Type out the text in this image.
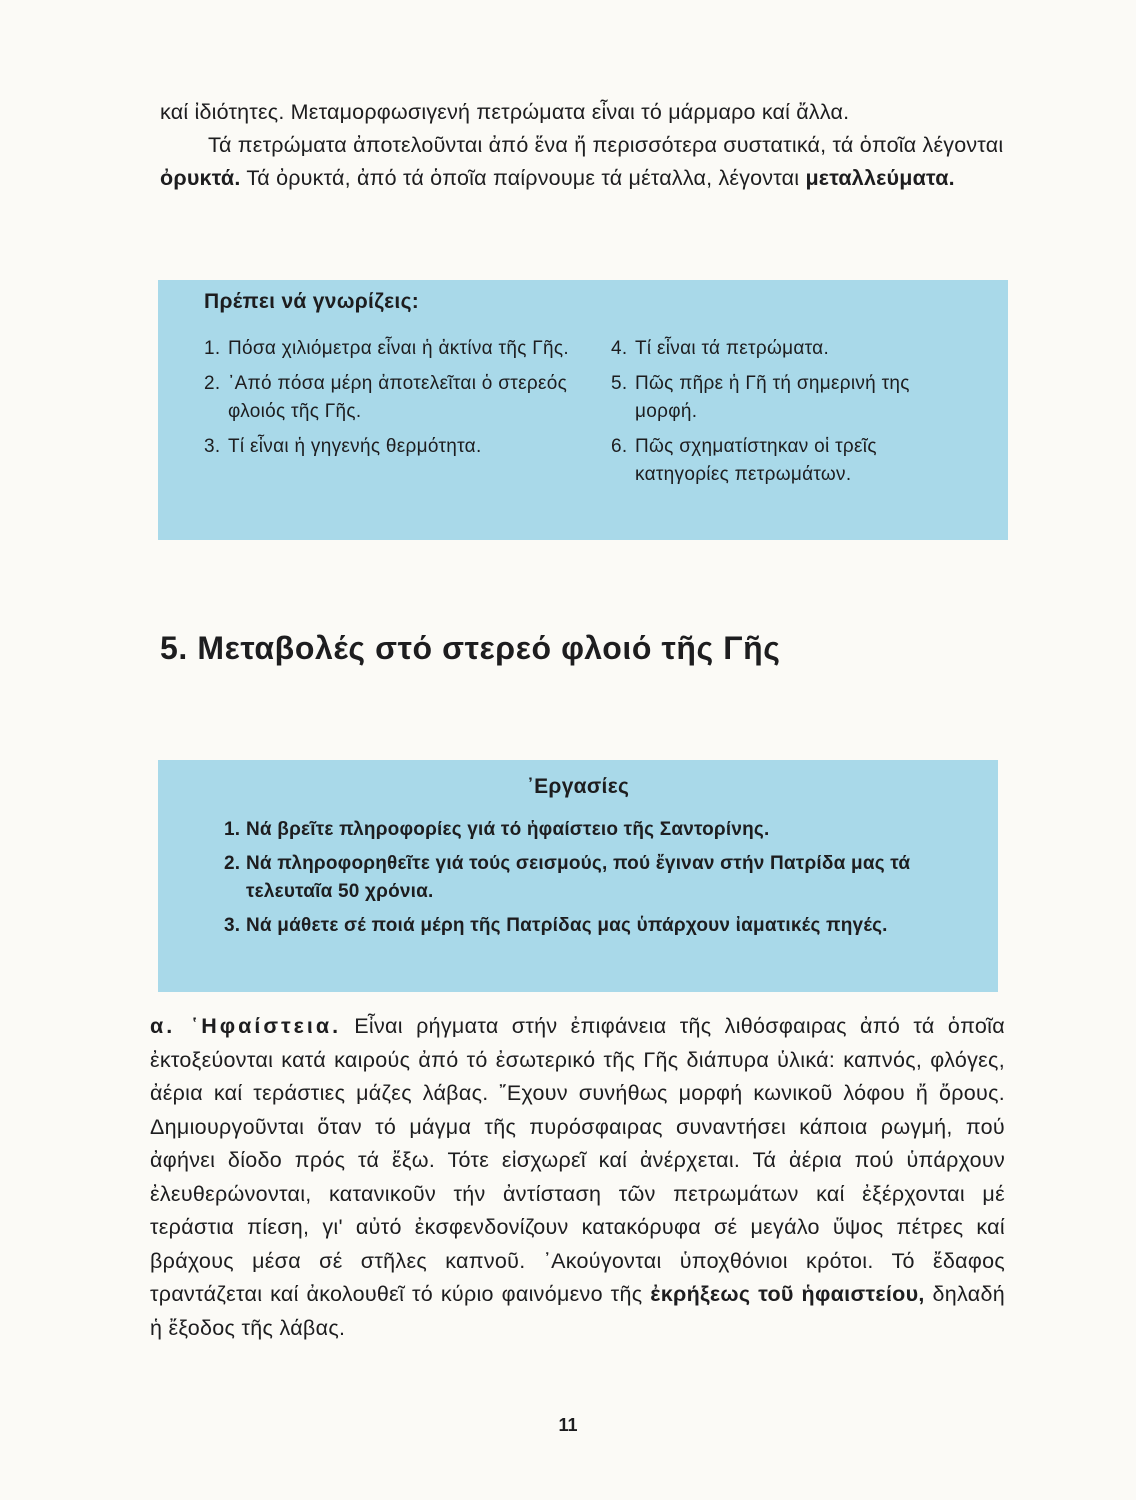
καί ἰδιότητες. Μεταμορφωσιγενή πετρώματα εἶναι τό μάρμαρο καί ἄλλα.

Τά πετρώματα ἀποτελοῦνται ἀπό ἕνα ἤ περισσότερα συστατικά, τά ὁποῖα λέγονται ὀρυκτά. Τά ὀρυκτά, ἀπό τά ὁποῖα παίρνουμε τά μέταλλα, λέγονται μεταλλεύματα.

Πρέπει νά γνωρίζεις:
1. Πόσα χιλιόμετρα εἶναι ἡ ἀκτίνα τῆς Γῆς.
2. ᾿Από πόσα μέρη ἀποτελεῖται ὁ στερεός φλοιός τῆς Γῆς.
3. Τί εἶναι ἡ γηγενής θερμότητα.
4. Τί εἶναι τά πετρώματα.
5. Πῶς πῆρε ἡ Γῆ τή σημερινή της μορφή.
6. Πῶς σχηματίστηκαν οἱ τρεῖς κατηγορίες πετρωμάτων.
5. Μεταβολές στό στερεό φλοιό τῆς Γῆς
᾿Εργασίες
1. Νά βρεῖτε πληροφορίες γιά τό ἡφαίστειο τῆς Σαντορίνης.
2. Νά πληροφορηθεῖτε γιά τούς σεισμούς, πού ἔγιναν στήν Πατρίδα μας τά τελευταῖα 50 χρόνια.
3. Νά μάθετε σέ ποιά μέρη τῆς Πατρίδας μας ὑπάρχουν ἰαματικές πηγές.

α. ῾Ηφαίστεια. Εἶναι ρήγματα στήν ἐπιφάνεια τῆς λιθόσφαιρας ἀπό τά ὁποῖα ἐκτοξεύονται κατά καιρούς ἀπό τό ἐσωτερικό τῆς Γῆς διάπυρα ὑλικά: καπνός, φλόγες, ἀέρια καί τεράστιες μάζες λάβας. ῎Εχουν συνήθως μορφή κωνικοῦ λόφου ἤ ὄρους. Δημιουργοῦνται ὅταν τό μάγμα τῆς πυρόσφαιρας συναντήσει κάποια ρωγμή, πού ἀφήνει δίοδο πρός τά ἔξω. Τότε εἰσχωρεῖ καί ἀνέρχεται. Τά ἀέρια πού ὑπάρχουν ἐλευθερώνονται, κατανικοῦν τήν ἀντίσταση τῶν πετρωμάτων καί ἐξέρχονται μέ τεράστια πίεση, γι' αὐτό ἐκσφενδονίζουν κατακόρυφα σέ μεγάλο ὕψος πέτρες καί βράχους μέσα σέ στῆλες καπνοῦ. ᾿Ακούγονται ὑποχθόνιοι κρότοι. Τό ἔδαφος τραντάζεται καί ἀκολουθεῖ τό κύριο φαινόμενο τῆς ἐκρήξεως τοῦ ἡφαιστείου, δηλαδή ἡ ἔξοδος τῆς λάβας.

11
